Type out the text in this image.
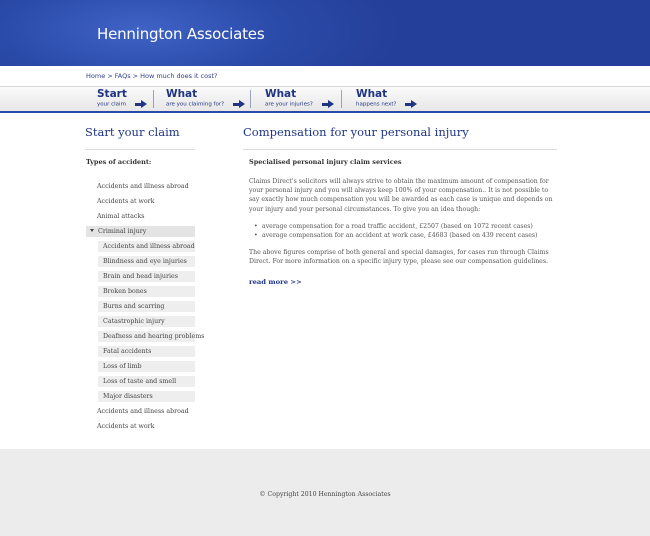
Hennington Associates
Home > FAQs > How much does it cost?
Start
your claim
What
are you claiming for?
What
are your injuries?
What
happens next?
Start your claim
Types of accident:
Accidents and illness abroad
Accidents at work
Animal attacks
Criminal injury
Accidents and illness abroad
Blindness and eye injuries
Brain and head injuries
Broken bones
Burns and scarring
Catastrophic injury
Deafness and hearing problems
Fatal accidents
Loss of limb
Loss of taste and smell
Major disasters
Accidents and illness abroad
Accidents at work
Compensation for your personal injury
Specialised personal injury claim services

Claims Direct's solicitors will always strive to obtain the maximum amount of compensation for your personal injury and you will always keep 100% of your compensation.. It is not possible to say exactly how much compensation you will be awarded as each case is unique and depends on your injury and your personal circumstances. To give you an idea though:

• average compensation for a road traffic accident, £2507 (based on 1072 recent cases)
• average compensation for an accident at work case, £4683 (based on 439 recent cases)

The above figures comprise of both general and special damages, for cases run through Claims Direct. For more information on a specific injury type, please see our compensation guidelines.

read more >>
© Copyright 2010 Hennington Associates
